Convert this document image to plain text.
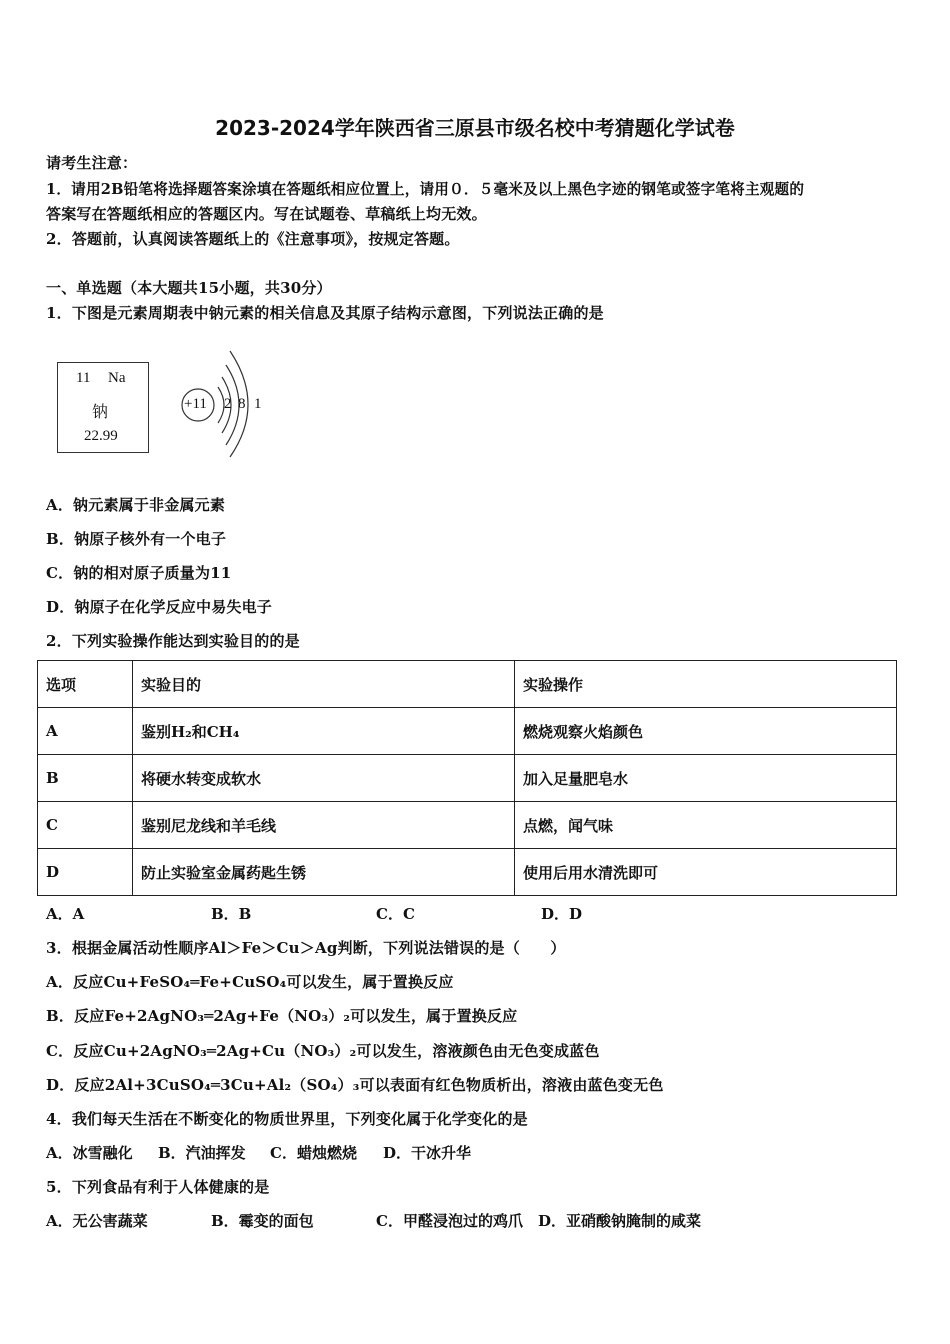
2023-2024学年陕西省三原县市级名校中考猜题化学试卷
请考生注意：
1．请用2B铅笔将选择题答案涂填在答题纸相应位置上，请用０．５毫米及以上黑色字迹的钢笔或签字笔将主观题的
答案写在答题纸相应的答题区内。写在试题卷、草稿纸上均无效。
2．答题前，认真阅读答题纸上的《注意事项》，按规定答题。
一、单选题（本大题共15小题，共30分）
1．下图是元素周期表中钠元素的相关信息及其原子结构示意图，下列说法正确的是
11 Na
钠
22.99
+11 2 8 1
A．钠元素属于非金属元素
B．钠原子核外有一个电子
C．钠的相对原子质量为11
D．钠原子在化学反应中易失电子
2．下列实验操作能达到实验目的的是
选项	实验目的	实验操作
A	鉴别H₂和CH₄	燃烧观察火焰颜色
B	将硬水转变成软水	加入足量肥皂水
C	鉴别尼龙线和羊毛线	点燃，闻气味
D	防止实验室金属药匙生锈	使用后用水清洗即可
A．A	B．B	C．C	D．D
3．根据金属活动性顺序Al＞Fe＞Cu＞Ag判断，下列说法错误的是（　　）
A．反应Cu+FeSO₄═Fe+CuSO₄可以发生，属于置换反应
B．反应Fe+2AgNO₃═2Ag+Fe（NO₃）₂可以发生，属于置换反应
C．反应Cu+2AgNO₃═2Ag+Cu（NO₃）₂可以发生，溶液颜色由无色变成蓝色
D．反应2Al+3CuSO₄═3Cu+Al₂（SO₄）₃可以表面有红色物质析出，溶液由蓝色变无色
4．我们每天生活在不断变化的物质世界里，下列变化属于化学变化的是
A．冰雪融化 B．汽油挥发 C．蜡烛燃烧 D．干冰升华
5．下列食品有利于人体健康的是
A．无公害蔬菜	B．霉变的面包	C．甲醛浸泡过的鸡爪 D．亚硝酸钠腌制的咸菜
